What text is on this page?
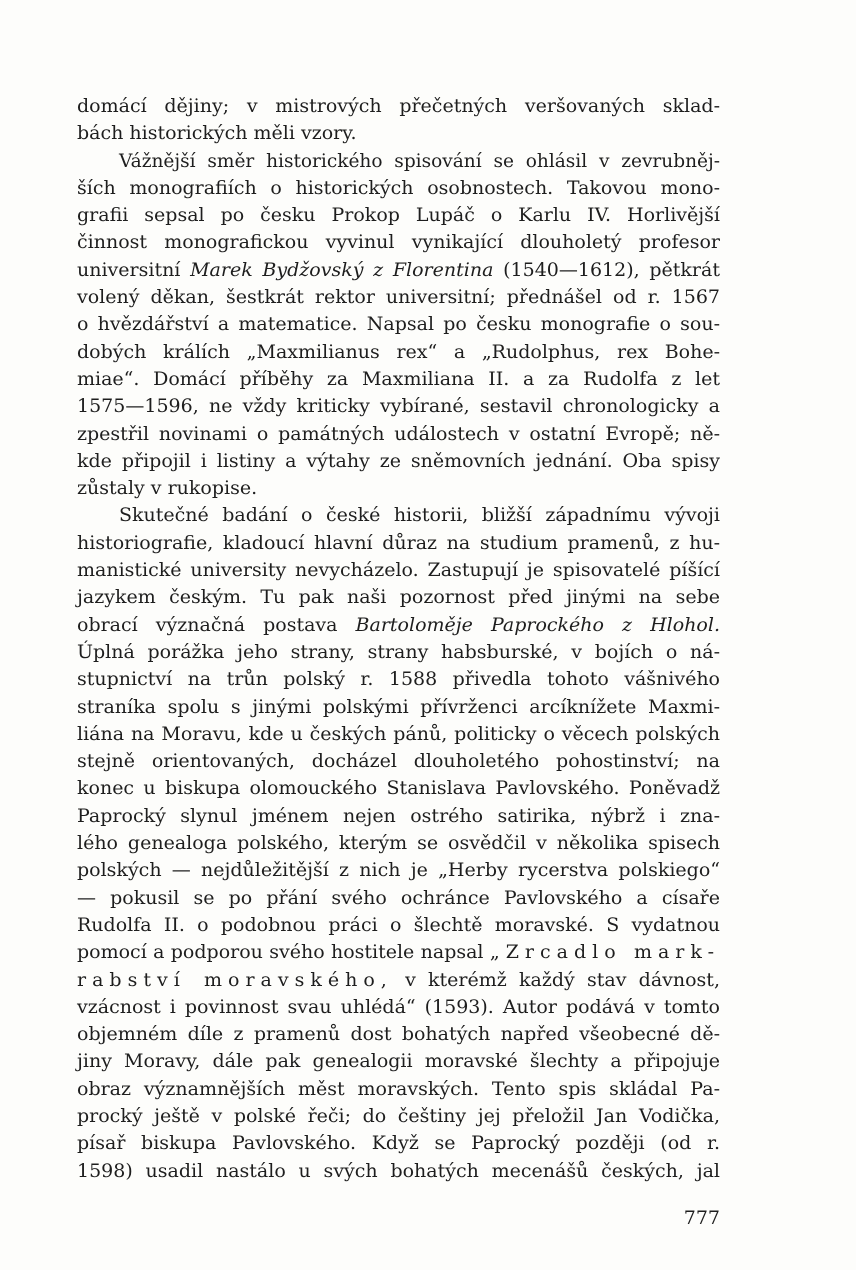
domácí dějiny; v mistrových přečetných veršovaných sklad-
bách historických měli vzory.

Vážnější směr historického spisování se ohlásil v zevrubněj-
ších monografiích o historických osobnostech. Takovou mono-
grafii sepsal po česku Prokop Lupáč o Karlu IV. Horlivější
činnost monografickou vyvinul vynikající dlouholetý profesor
universitní Marek Bydžovský z Florentina (1540—1612), pětkrát
volený děkan, šestkrát rektor universitní; přednášel od r. 1567
o hvězdářství a matematice. Napsal po česku monografie o sou-
dobých králích „Maxmilianus rex“ a „Rudolphus, rex Bohe-
miae“. Domácí příběhy za Maxmiliana II. a za Rudolfa z let
1575—1596, ne vždy kriticky vybírané, sestavil chronologicky a
zpestřil novinami o památných událostech v ostatní Evropě; ně-
kde připojil i listiny a výtahy ze sněmovních jednání. Oba spisy
zůstaly v rukopise.

Skutečné badání o české historii, bližší západnímu vývoji
historiografie, kladoucí hlavní důraz na studium pramenů, z hu-
manistické university nevycházelo. Zastupují je spisovatelé píšící
jazykem českým. Tu pak naši pozornost před jinými na sebe
obrací význačná postava Bartoloměje Paprockého z Hlohol.
Úplná porážka jeho strany, strany habsburské, v bojích o ná-
stupnictví na trůn polský r. 1588 přivedla tohoto vášnivého
straníka spolu s jinými polskými přívrženci arcíknížete Maxmi-
liána na Moravu, kde u českých pánů, politicky o věcech polských
stejně orientovaných, docházel dlouholetého pohostinství; na
konec u biskupa olomouckého Stanislava Pavlovského. Poněvadž
Paprocký slynul jménem nejen ostrého satirika, nýbrž i zna-
lého genealoga polského, kterým se osvědčil v několika spisech
polských — nejdůležitější z nich je „Herby rycerstva polskiego“
— pokusil se po přání svého ochránce Pavlovského a císaře
Rudolfa II. o podobnou práci o šlechtě moravské. S vydatnou
pomocí a podporou svého hostitele napsal „Zrcadlo mark-
rabství moravského, v kterémž každý stav dávnost,
vzácnost i povinnost svau uhlédá“ (1593). Autor podává v tomto
objemném díle z pramenů dost bohatých napřed všeobecné dě-
jiny Moravy, dále pak genealogii moravské šlechty a připojuje
obraz významnějších měst moravských. Tento spis skládal Pa-
procký ještě v polské řeči; do češtiny jej přeložil Jan Vodička,
písař biskupa Pavlovského. Když se Paprocký později (od r.
1598) usadil nastálo u svých bohatých mecenášů českých, jal

777
